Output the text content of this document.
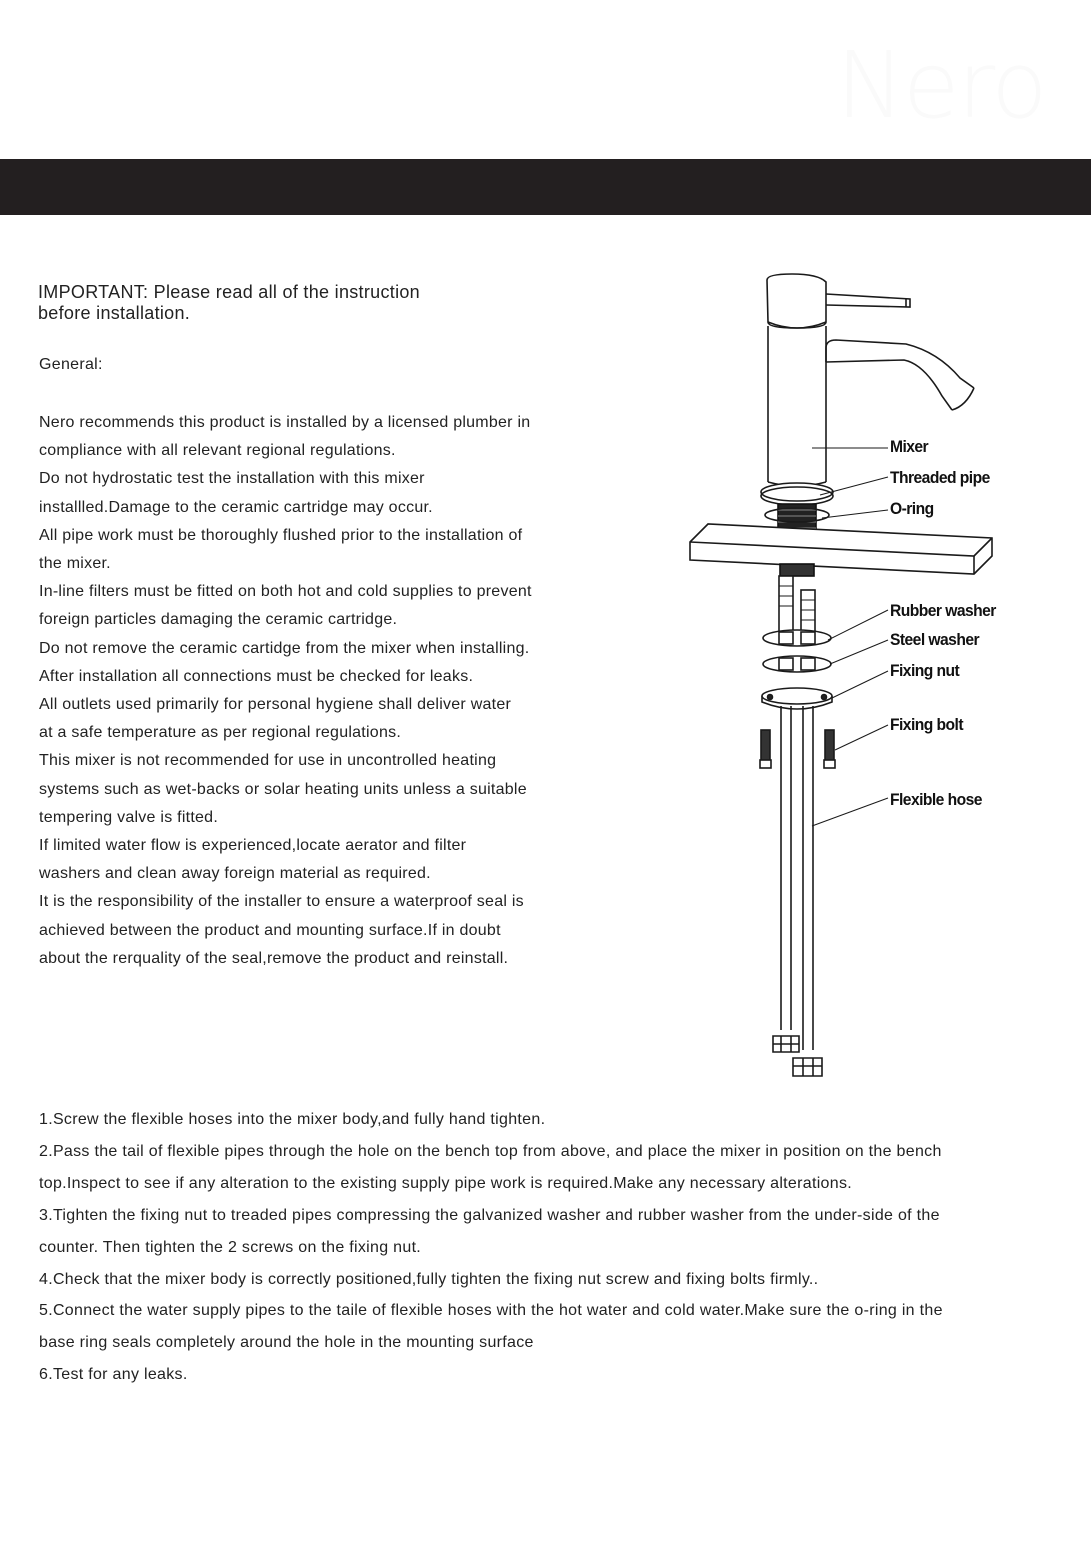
Nero
IMPORTANT: Please read all of the instruction before installation.
General:
Nero recommends this product is installed by a licensed plumber in
compliance with all relevant regional regulations.
Do not hydrostatic test the installation with this mixer
installled.Damage to the ceramic cartridge may occur.
All pipe work must be thoroughly flushed prior to the installation of
the mixer.
In-line filters must be fitted on both hot and cold supplies to prevent
foreign particles damaging the ceramic cartridge.
Do not remove the ceramic cartidge from the mixer when installing.
After installation all connections must be checked for leaks.
All outlets used primarily for personal hygiene shall deliver water
at a safe temperature as per regional regulations.
This mixer is not recommended for use in uncontrolled heating
systems such as wet-backs or solar heating units unless a suitable
tempering valve is fitted.
If limited water flow is experienced,locate aerator and filter
washers and clean away foreign material as required.
It is the responsibility of the installer to ensure a waterproof seal is
achieved between the product and mounting surface.If in doubt
about the rerquality of the seal,remove the product and reinstall.
Mixer
Threaded pipe
O-ring
Rubber washer
Steel washer
Fixing nut
Fixing bolt
Flexible hose
1.Screw the flexible hoses into the mixer body,and fully hand tighten.
2.Pass the tail of flexible pipes through the hole on the bench top from above, and place the mixer in position on the bench
top.Inspect to see if any alteration to the existing supply pipe work is required.Make any necessary alterations.
3.Tighten the fixing nut to treaded pipes compressing the galvanized washer and rubber washer from the under-side of the
counter. Then tighten the 2 screws on the fixing nut.
4.Check that the mixer body is correctly positioned,fully tighten the fixing nut screw and fixing bolts firmly..
5.Connect the water supply pipes to the taile of flexible hoses with the hot water and cold water.Make sure the o-ring in the
base ring seals completely around the hole in the mounting surface
6.Test for any leaks.
